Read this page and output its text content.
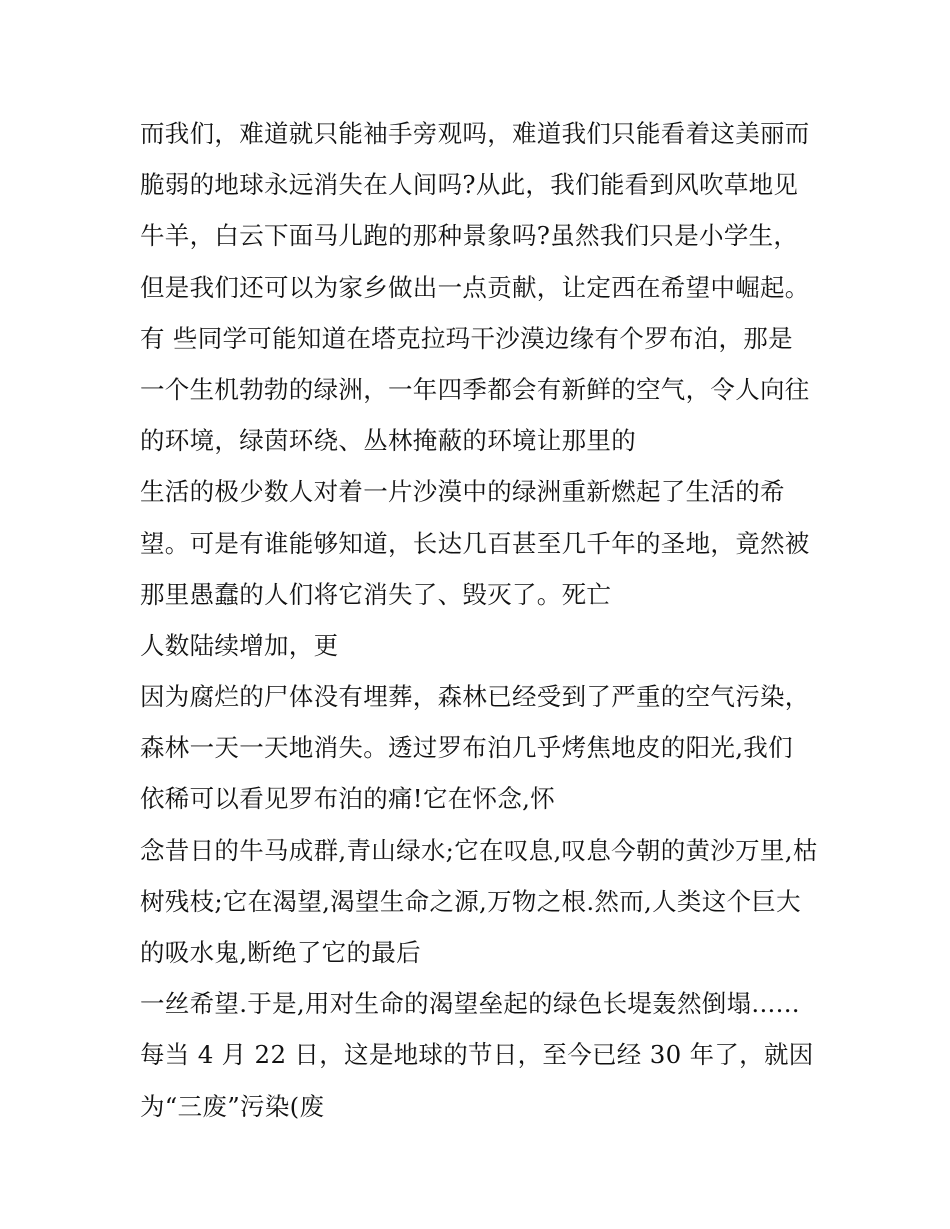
而我们，难道就只能袖手旁观吗，难道我们只能看着这美丽而
脆弱的地球永远消失在人间吗?从此，我们能看到风吹草地见
牛羊，白云下面马儿跑的那种景象吗?虽然我们只是小学生，
但是我们还可以为家乡做出一点贡献，让定西在希望中崛起。
有 些同学可能知道在塔克拉玛干沙漠边缘有个罗布泊，那是
一个生机勃勃的绿洲，一年四季都会有新鲜的空气，令人向往
的环境，绿茵环绕、丛林掩蔽的环境让那里的
生活的极少数人对着一片沙漠中的绿洲重新燃起了生活的希
望。可是有谁能够知道，长达几百甚至几千年的圣地，竟然被
那里愚蠢的人们将它消失了、毁灭了。死亡
人数陆续增加，更
因为腐烂的尸体没有埋葬，森林已经受到了严重的空气污染，
森林一天一天地消失。透过罗布泊几乎烤焦地皮的阳光,我们
依稀可以看见罗布泊的痛!它在怀念,怀
念昔日的牛马成群,青山绿水;它在叹息,叹息今朝的黄沙万里,枯
树残枝;它在渴望,渴望生命之源,万物之根.然而,人类这个巨大
的吸水鬼,断绝了它的最后
一丝希望.于是,用对生命的渴望垒起的绿色长堤轰然倒塌......
每当 4 月 22 日，这是地球的节日，至今已经 30 年了，就因
为“三废”污染(废
